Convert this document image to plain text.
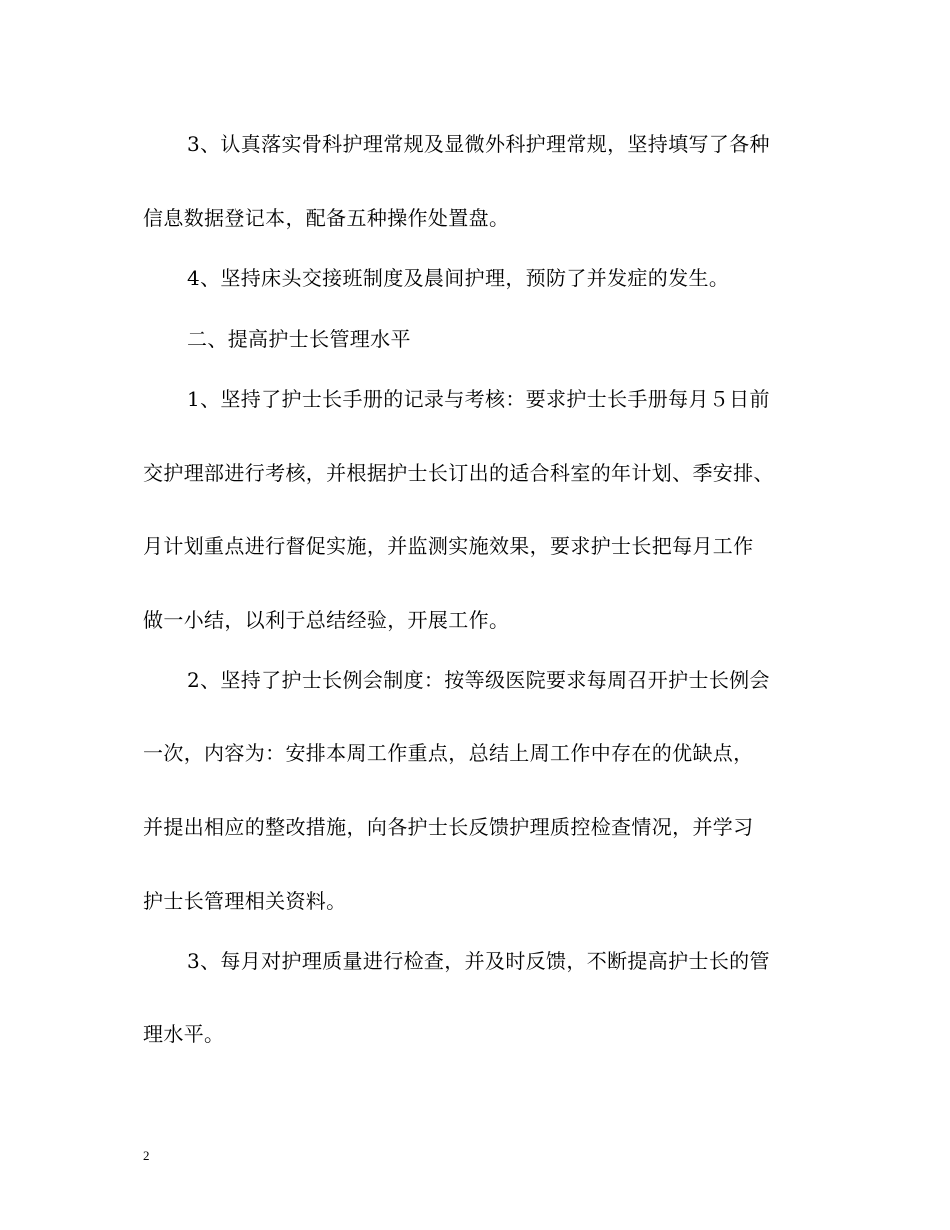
3、认真落实骨科护理常规及显微外科护理常规，坚持填写了各种
信息数据登记本，配备五种操作处置盘。
4、坚持床头交接班制度及晨间护理，预防了并发症的发生。
二、提高护士长管理水平
1、坚持了护士长手册的记录与考核：要求护士长手册每月５日前
交护理部进行考核，并根据护士长订出的适合科室的年计划、季安排、
月计划重点进行督促实施，并监测实施效果，要求护士长把每月工作
做一小结，以利于总结经验，开展工作。
2、坚持了护士长例会制度：按等级医院要求每周召开护士长例会
一次，内容为：安排本周工作重点，总结上周工作中存在的优缺点，
并提出相应的整改措施，向各护士长反馈护理质控检查情况，并学习
护士长管理相关资料。
3、每月对护理质量进行检查，并及时反馈，不断提高护士长的管
理水平。
2
